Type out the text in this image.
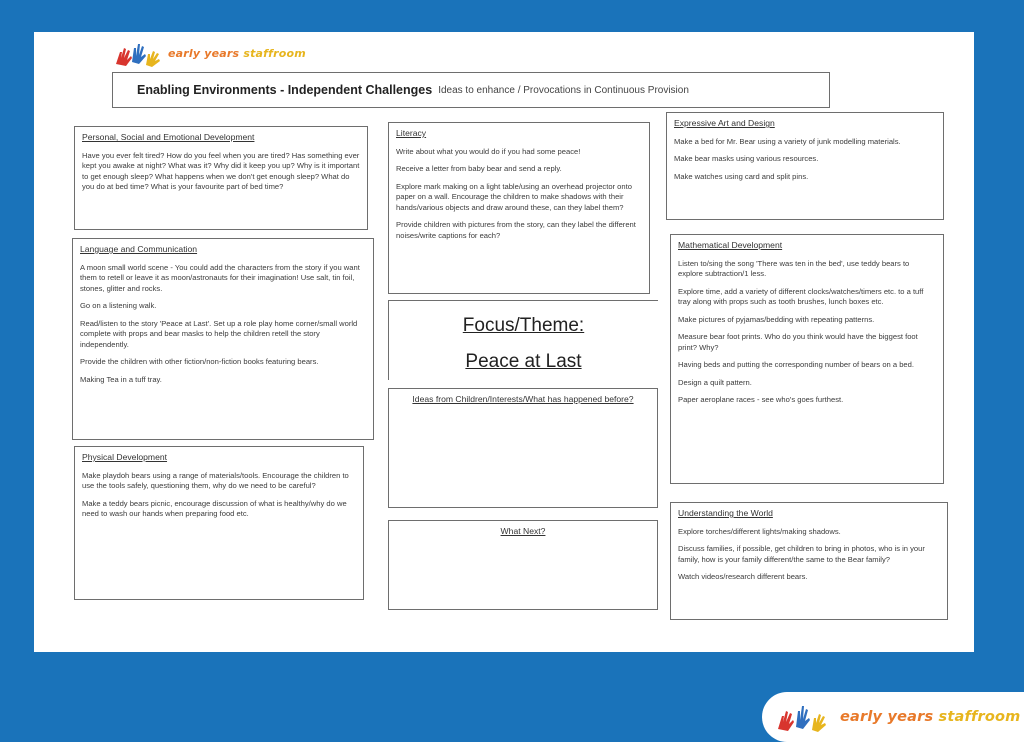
early years staffroom
Enabling Environments - Independent Challenges Ideas to enhance / Provocations in Continuous Provision
Personal, Social and Emotional Development

Have you ever felt tired? How do you feel when you are tired? Has something ever kept you awake at night? What was it? Why did it keep you up? Why is it important to get enough sleep? What happens when we don't get enough sleep? What do you do at bed time? What is your favourite part of bed time?

Language and Communication

A moon small world scene - You could add the characters from the story if you want them to retell or leave it as moon/astronauts for their imagination! Use salt, tin foil, stones, glitter and rocks.

Go on a listening walk.

Read/listen to the story 'Peace at Last'. Set up a role play home corner/small world complete with props and bear masks to help the children retell the story independently.

Provide the children with other fiction/non-fiction books featuring bears.

Making Tea in a tuff tray.

Physical Development

Make playdoh bears using a range of materials/tools. Encourage the children to use the tools safely, questioning them, why do we need to be careful?

Make a teddy bears picnic, encourage discussion of what is healthy/why do we need to wash our hands when preparing food etc.

Literacy

Write about what you would do if you had some peace!

Receive a letter from baby bear and send a reply.

Explore mark making on a light table/using an overhead projector onto paper on a wall. Encourage the children to make shadows with their hands/various objects and draw around these, can they label them?

Provide children with pictures from the story, can they label the different noises/write captions for each?

Focus/Theme:
Peace at Last
Ideas from Children/Interests/What has happened before?
What Next?
Expressive Art and Design

Make a bed for Mr. Bear using a variety of junk modelling materials.

Make bear masks using various resources.

Make watches using card and split pins.

Mathematical Development

Listen to/sing the song 'There was ten in the bed', use teddy bears to explore subtraction/1 less.

Explore time, add a variety of different clocks/watches/timers etc. to a tuff tray along with props such as tooth brushes, lunch boxes etc.

Make pictures of pyjamas/bedding with repeating patterns.

Measure bear foot prints. Who do you think would have the biggest foot print? Why?

Having beds and putting the corresponding number of bears on a bed.

Design a quilt pattern.

Paper aeroplane races - see who's goes furthest.

Understanding the World

Explore torches/different lights/making shadows.

Discuss families, if possible, get children to bring in photos, who is in your family, how is your family different/the same to the Bear family?

Watch videos/research different bears.

early years staffroom
